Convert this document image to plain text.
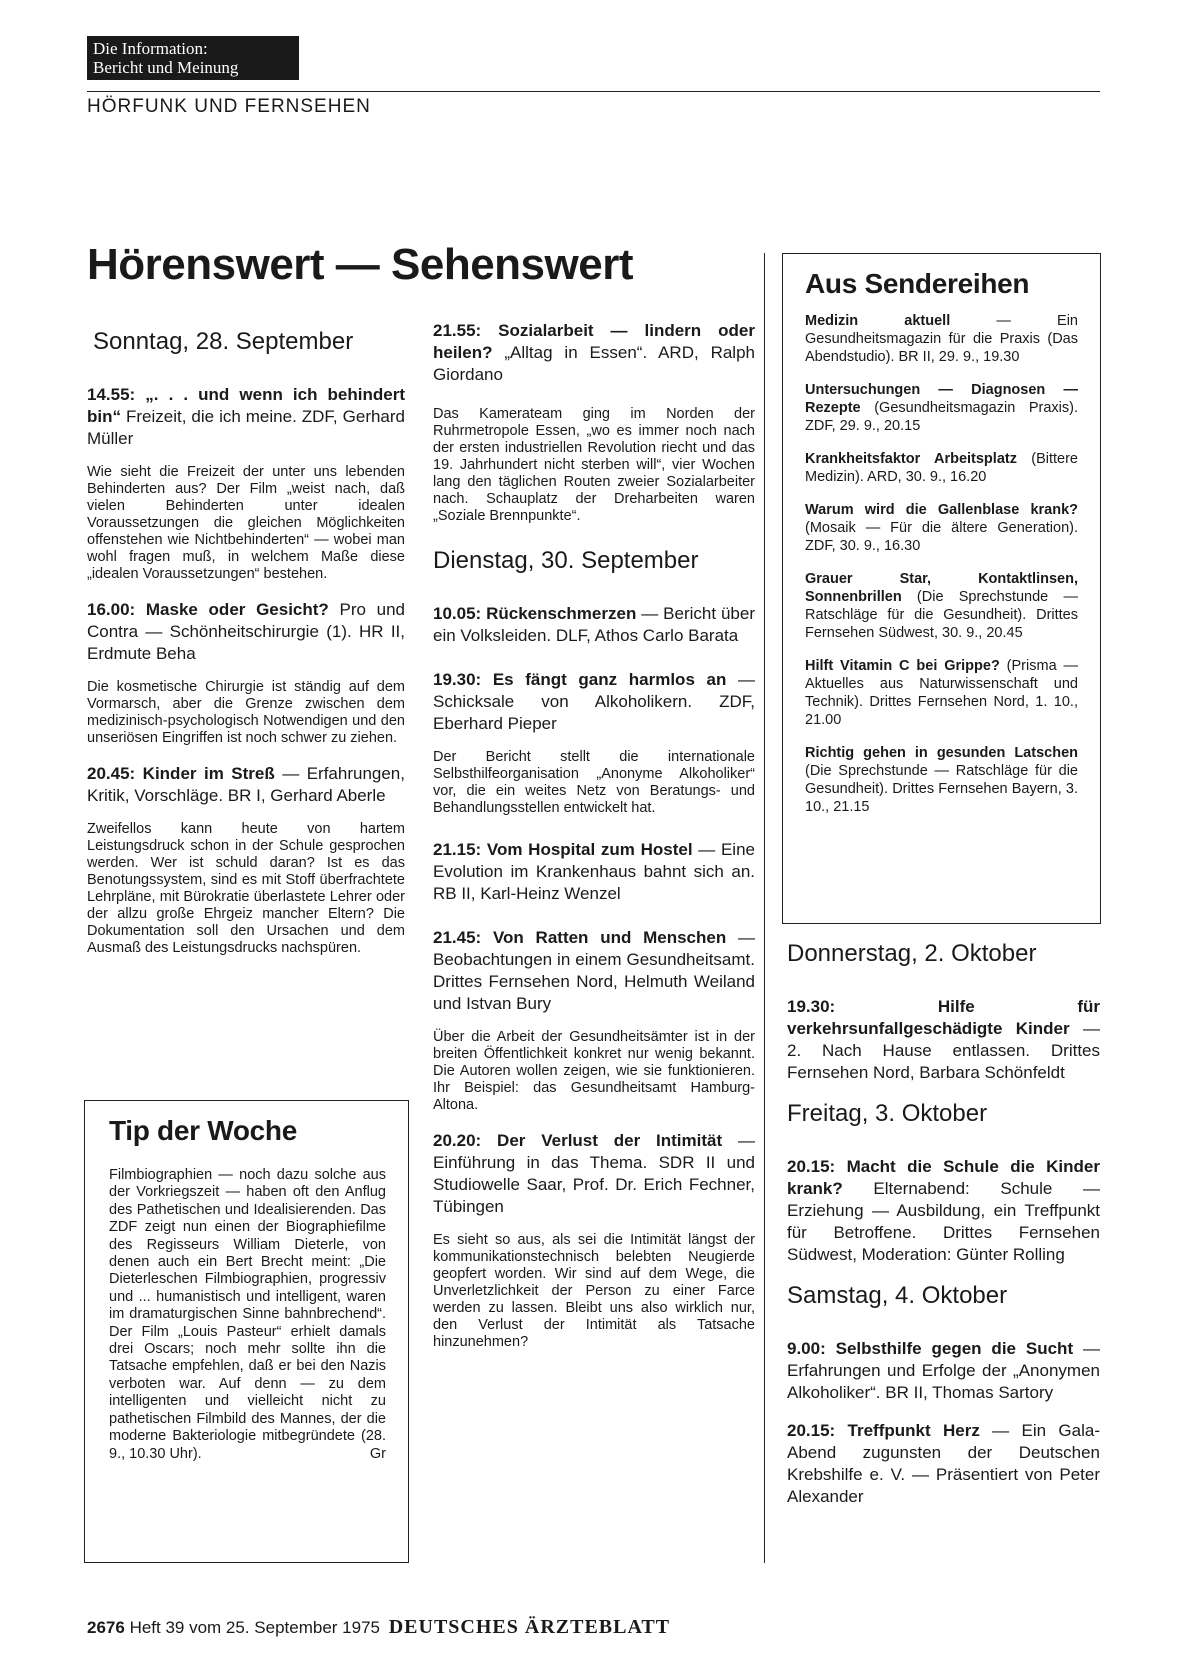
Die Information:
Bericht und Meinung
HÖRFUNK UND FERNSEHEN
Hörenswert — Sehenswert
Sonntag, 28. September
14.55: „. . . und wenn ich behindert bin“ Freizeit, die ich meine. ZDF, Gerhard Müller
Wie sieht die Freizeit der unter uns lebenden Behinderten aus? Der Film „weist nach, daß vielen Behinderten unter idealen Voraussetzungen die gleichen Möglichkeiten offenstehen wie Nichtbehinderten“ — wobei man wohl fragen muß, in welchem Maße diese „idealen Voraussetzungen“ bestehen.
16.00: Maske oder Gesicht? Pro und Contra — Schönheitschirurgie (1). HR II, Erdmute Beha
Die kosmetische Chirurgie ist ständig auf dem Vormarsch, aber die Grenze zwischen dem medizinisch-psychologisch Notwendigen und den unseriösen Eingriffen ist noch schwer zu ziehen.
20.45: Kinder im Streß — Erfahrungen, Kritik, Vorschläge. BR I, Gerhard Aberle
Zweifellos kann heute von hartem Leistungsdruck schon in der Schule gesprochen werden. Wer ist schuld daran? Ist es das Benotungssystem, sind es mit Stoff überfrachtete Lehrpläne, mit Bürokratie überlastete Lehrer oder der allzu große Ehrgeiz mancher Eltern? Die Dokumentation soll den Ursachen und dem Ausmaß des Leistungsdrucks nachspüren.
Tip der Woche
Filmbiographien — noch dazu solche aus der Vorkriegszeit — haben oft den Anflug des Pathetischen und Idealisierenden. Das ZDF zeigt nun einen der Biographiefilme des Regisseurs William Dieterle, von denen auch ein Bert Brecht meint: „Die Dieterleschen Filmbiographien, progressiv und ... humanistisch und intelligent, waren im dramaturgischen Sinne bahnbrechend“. Der Film „Louis Pasteur“ erhielt damals drei Oscars; noch mehr sollte ihn die Tatsache empfehlen, daß er bei den Nazis verboten war. Auf denn — zu dem intelligenten und vielleicht nicht zu pathetischen Filmbild des Mannes, der die moderne Bakteriologie mitbegründete (28. 9., 10.30 Uhr).	Gr
21.55: Sozialarbeit — lindern oder heilen? „Alltag in Essen“. ARD, Ralph Giordano
Das Kamerateam ging im Norden der Ruhrmetropole Essen, „wo es immer noch nach der ersten industriellen Revolution riecht und das 19. Jahrhundert nicht sterben will“, vier Wochen lang den täglichen Routen zweier Sozialarbeiter nach. Schauplatz der Dreharbeiten waren „Soziale Brennpunkte“.
Dienstag, 30. September
10.05: Rückenschmerzen — Bericht über ein Volksleiden. DLF, Athos Carlo Barata
19.30: Es fängt ganz harmlos an — Schicksale von Alkoholikern. ZDF, Eberhard Pieper
Der Bericht stellt die internationale Selbsthilfeorganisation „Anonyme Alkoholiker“ vor, die ein weites Netz von Beratungs- und Behandlungsstellen entwickelt hat.
21.15: Vom Hospital zum Hostel — Eine Evolution im Krankenhaus bahnt sich an. RB II, Karl-Heinz Wenzel
21.45: Von Ratten und Menschen — Beobachtungen in einem Gesundheitsamt. Drittes Fernsehen Nord, Helmuth Weiland und Istvan Bury
Über die Arbeit der Gesundheitsämter ist in der breiten Öffentlichkeit konkret nur wenig bekannt. Die Autoren wollen zeigen, wie sie funktionieren. Ihr Beispiel: das Gesundheitsamt Hamburg-Altona.
20.20: Der Verlust der Intimität — Einführung in das Thema. SDR II und Studiowelle Saar, Prof. Dr. Erich Fechner, Tübingen
Es sieht so aus, als sei die Intimität längst der kommunikationstechnisch belebten Neugierde geopfert worden. Wir sind auf dem Wege, die Unverletzlichkeit der Person zu einer Farce werden zu lassen. Bleibt uns also wirklich nur, den Verlust der Intimität als Tatsache hinzunehmen?
Aus Sendereihen
Medizin aktuell — Ein Gesundheitsmagazin für die Praxis (Das Abendstudio). BR II, 29. 9., 19.30
Untersuchungen — Diagnosen — Rezepte (Gesundheitsmagazin Praxis). ZDF, 29. 9., 20.15
Krankheitsfaktor Arbeitsplatz (Bittere Medizin). ARD, 30. 9., 16.20
Warum wird die Gallenblase krank? (Mosaik — Für die ältere Generation). ZDF, 30. 9., 16.30
Grauer Star, Kontaktlinsen, Sonnenbrillen (Die Sprechstunde — Ratschläge für die Gesundheit). Drittes Fernsehen Südwest, 30. 9., 20.45
Hilft Vitamin C bei Grippe? (Prisma — Aktuelles aus Naturwissenschaft und Technik). Drittes Fernsehen Nord, 1. 10., 21.00
Richtig gehen in gesunden Latschen (Die Sprechstunde — Ratschläge für die Gesundheit). Drittes Fernsehen Bayern, 3. 10., 21.15
Donnerstag, 2. Oktober
19.30: Hilfe für verkehrsunfallgeschädigte Kinder — 2. Nach Hause entlassen. Drittes Fernsehen Nord, Barbara Schönfeldt
Freitag, 3. Oktober
20.15: Macht die Schule die Kinder krank? Elternabend: Schule — Erziehung — Ausbildung, ein Treffpunkt für Betroffene. Drittes Fernsehen Südwest, Moderation: Günter Rolling
Samstag, 4. Oktober
9.00: Selbsthilfe gegen die Sucht — Erfahrungen und Erfolge der „Anonymen Alkoholiker“. BR II, Thomas Sartory
20.15: Treffpunkt Herz — Ein Gala-Abend zugunsten der Deutschen Krebshilfe e. V. — Präsentiert von Peter Alexander
2676 Heft 39 vom 25. September 1975 DEUTSCHES ÄRZTEBLATT
